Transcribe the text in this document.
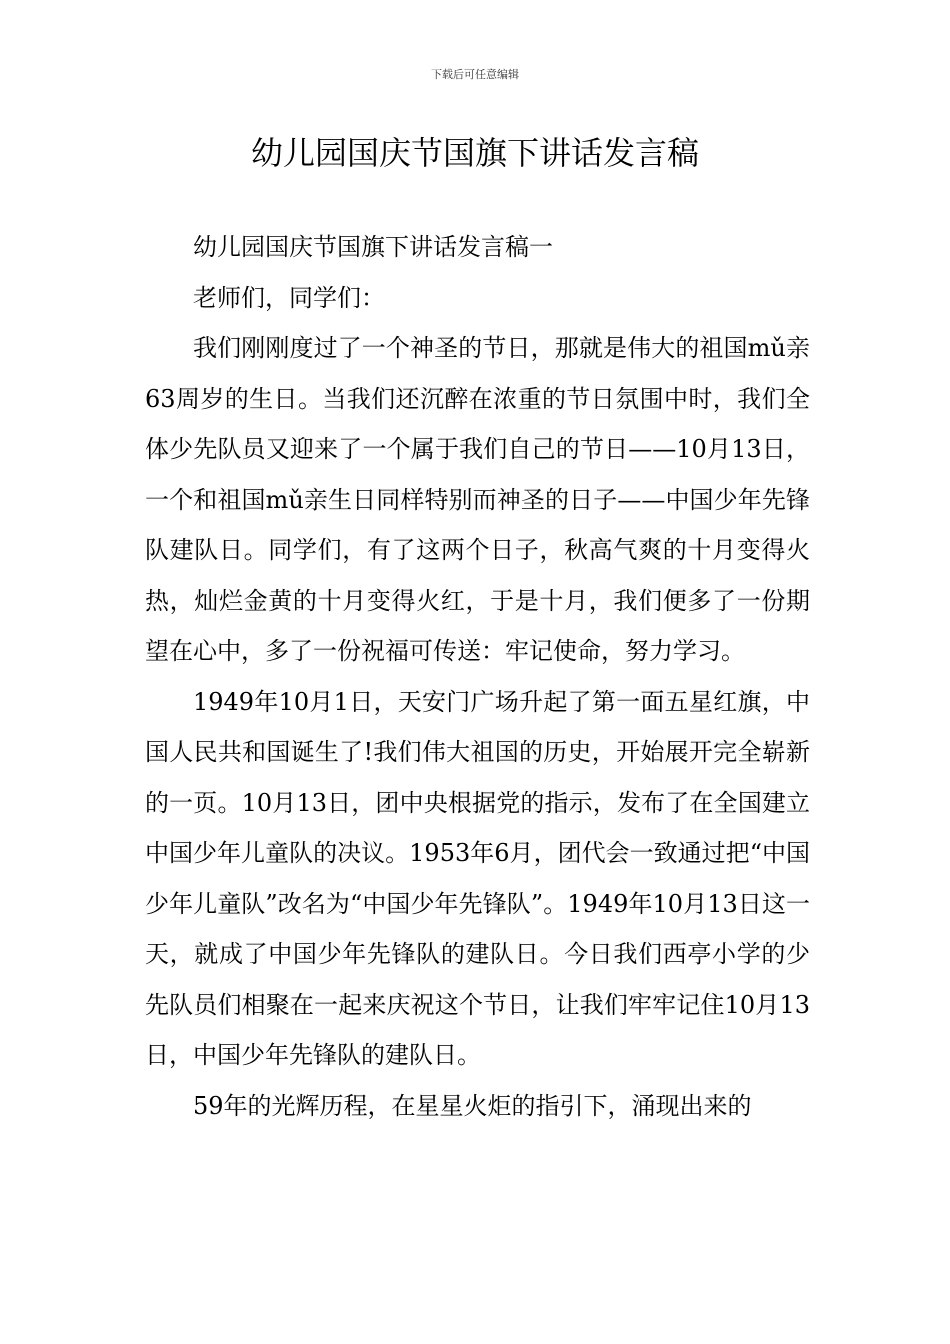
下载后可任意编辑
幼儿园国庆节国旗下讲话发言稿

幼儿园国庆节国旗下讲话发言稿一

老师们，同学们：

我们刚刚度过了一个神圣的节日，那就是伟大的祖国mǔ亲63周岁的生日。当我们还沉醉在浓重的节日氛围中时，我们全体少先队员又迎来了一个属于我们自己的节日——10月13日，一个和祖国mǔ亲生日同样特别而神圣的日子——中国少年先锋队建队日。同学们，有了这两个日子，秋高气爽的十月变得火热，灿烂金黄的十月变得火红，于是十月，我们便多了一份期望在心中，多了一份祝福可传送：牢记使命，努力学习。

1949年10月1日，天安门广场升起了第一面五星红旗，中国人民共和国诞生了!我们伟大祖国的历史，开始展开完全崭新的一页。10月13日，团中央根据党的指示，发布了在全国建立中国少年儿童队的决议。1953年6月，团代会一致通过把“中国少年儿童队”改名为“中国少年先锋队”。1949年10月13日这一天，就成了中国少年先锋队的建队日。今日我们西亭小学的少先队员们相聚在一起来庆祝这个节日，让我们牢牢记住10月13日，中国少年先锋队的建队日。

59年的光辉历程，在星星火炬的指引下，涌现出来的
